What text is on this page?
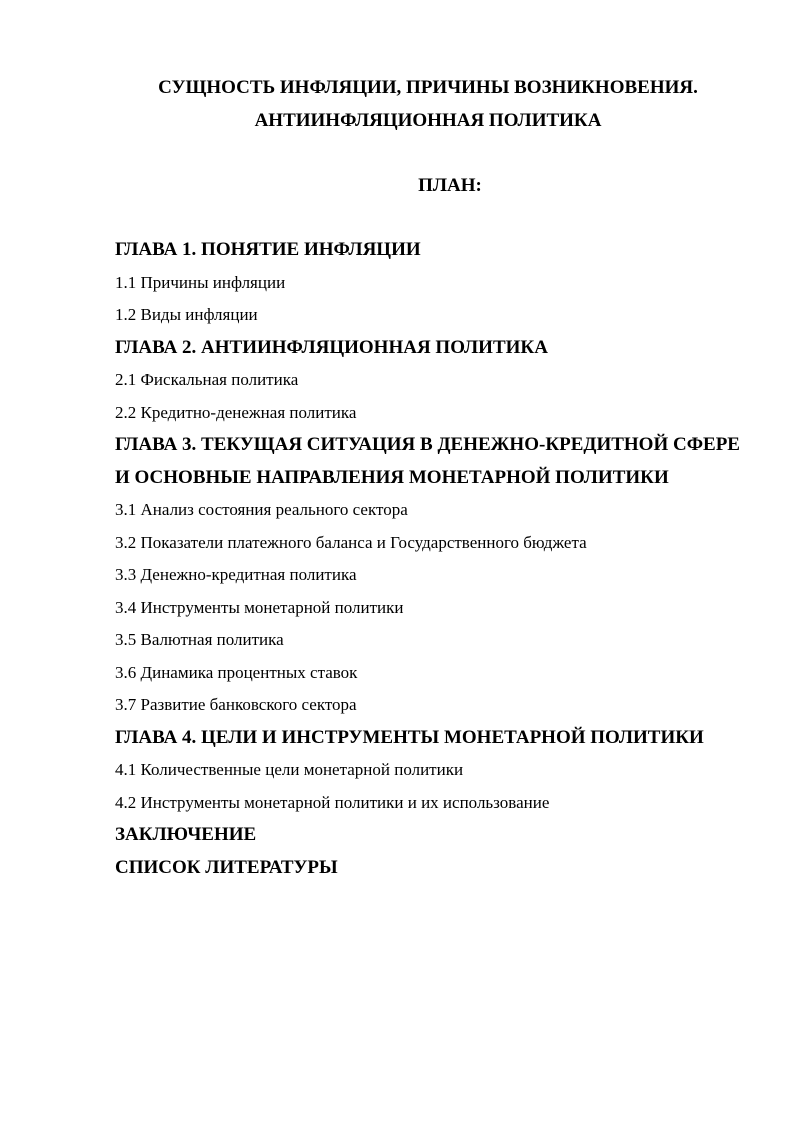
СУЩНОСТЬ ИНФЛЯЦИИ, ПРИЧИНЫ ВОЗНИКНОВЕНИЯ.
АНТИИНФЛЯЦИОННАЯ ПОЛИТИКА
ПЛАН:
ГЛАВА 1. ПОНЯТИЕ ИНФЛЯЦИИ
1.1 Причины инфляции
1.2 Виды инфляции
ГЛАВА 2. АНТИИНФЛЯЦИОННАЯ ПОЛИТИКА
2.1 Фискальная политика
2.2 Кредитно-денежная политика
ГЛАВА 3. ТЕКУЩАЯ СИТУАЦИЯ В ДЕНЕЖНО-КРЕДИТНОЙ СФЕРЕ
И ОСНОВНЫЕ НАПРАВЛЕНИЯ МОНЕТАРНОЙ ПОЛИТИКИ
3.1 Анализ состояния реального сектора
3.2 Показатели платежного баланса и Государственного бюджета
3.3 Денежно-кредитная политика
3.4 Инструменты монетарной политики
3.5 Валютная политика
3.6 Динамика процентных ставок
3.7 Развитие банковского сектора
ГЛАВА 4. ЦЕЛИ И ИНСТРУМЕНТЫ МОНЕТАРНОЙ ПОЛИТИКИ
4.1 Количественные цели монетарной политики
4.2 Инструменты монетарной политики и их использование
ЗАКЛЮЧЕНИЕ
СПИСОК ЛИТЕРАТУРЫ
